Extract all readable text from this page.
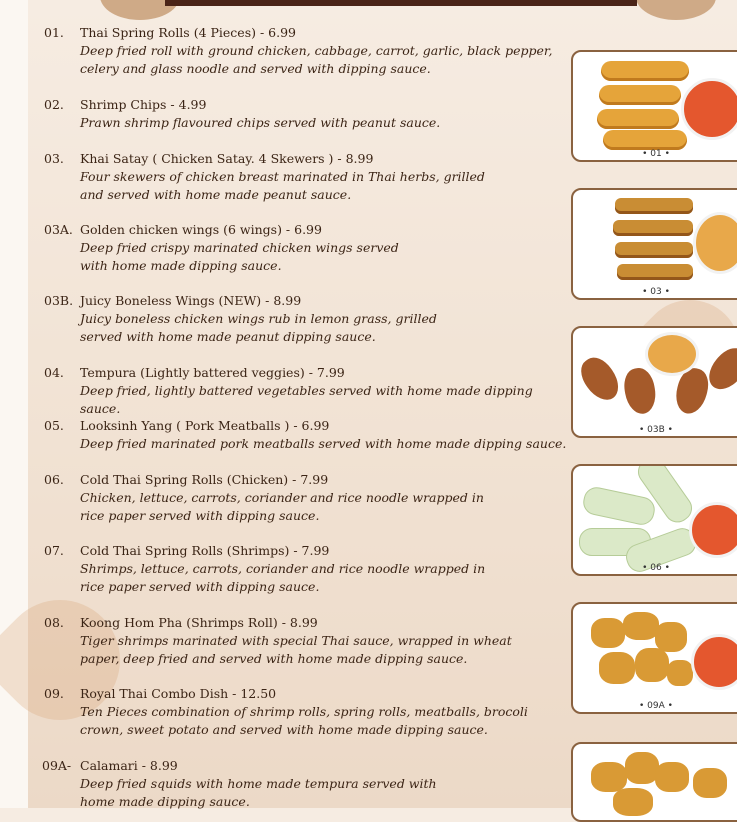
01. Thai Spring Rolls (4 Pieces) - 6.99
Deep fried roll with ground chicken, cabbage, carrot, garlic, black pepper, celery and glass noodle and served with dipping sauce.
02. Shrimp Chips - 4.99
Prawn shrimp flavoured chips served with peanut sauce.
03. Khai Satay ( Chicken Satay. 4 Skewers ) - 8.99
Four skewers of chicken breast marinated in Thai herbs, grilled and served with home made peanut sauce.
03A. Golden chicken wings (6 wings) - 6.99
Deep fried crispy marinated chicken wings served with home made dipping sauce.
03B. Juicy Boneless Wings (NEW) - 8.99
Juicy boneless chicken wings rub in lemon grass, grilled served with home made peanut dipping sauce.
04. Tempura (Lightly battered veggies) - 7.99
Deep fried, lightly battered vegetables served with home made dipping sauce.
05. Looksinh Yang ( Pork Meatballs ) - 6.99
Deep fried marinated pork meatballs served with home made dipping sauce.
06. Cold Thai Spring Rolls (Chicken) - 7.99
Chicken, lettuce, carrots, coriander and rice noodle wrapped in rice paper served with dipping sauce.
07. Cold Thai Spring Rolls (Shrimps) - 7.99
Shrimps, lettuce, carrots, coriander and rice noodle wrapped in rice paper served with dipping sauce.
08. Koong Hom Pha (Shrimps Roll) - 8.99
Tiger shrimps marinated with special Thai sauce, wrapped in wheat paper, deep fried and served with home made dipping sauce.
09. Royal Thai Combo Dish - 12.50
Ten Pieces combination of shrimp rolls, spring rolls, meatballs, brocoli crown, sweet potato and served with home made dipping sauce.
09A- Calamari - 8.99
Deep fried squids with home made tempura served with home made dipping sauce.
• 01 •
• 03 •
• 03B •
• 06 •
• 09A •
